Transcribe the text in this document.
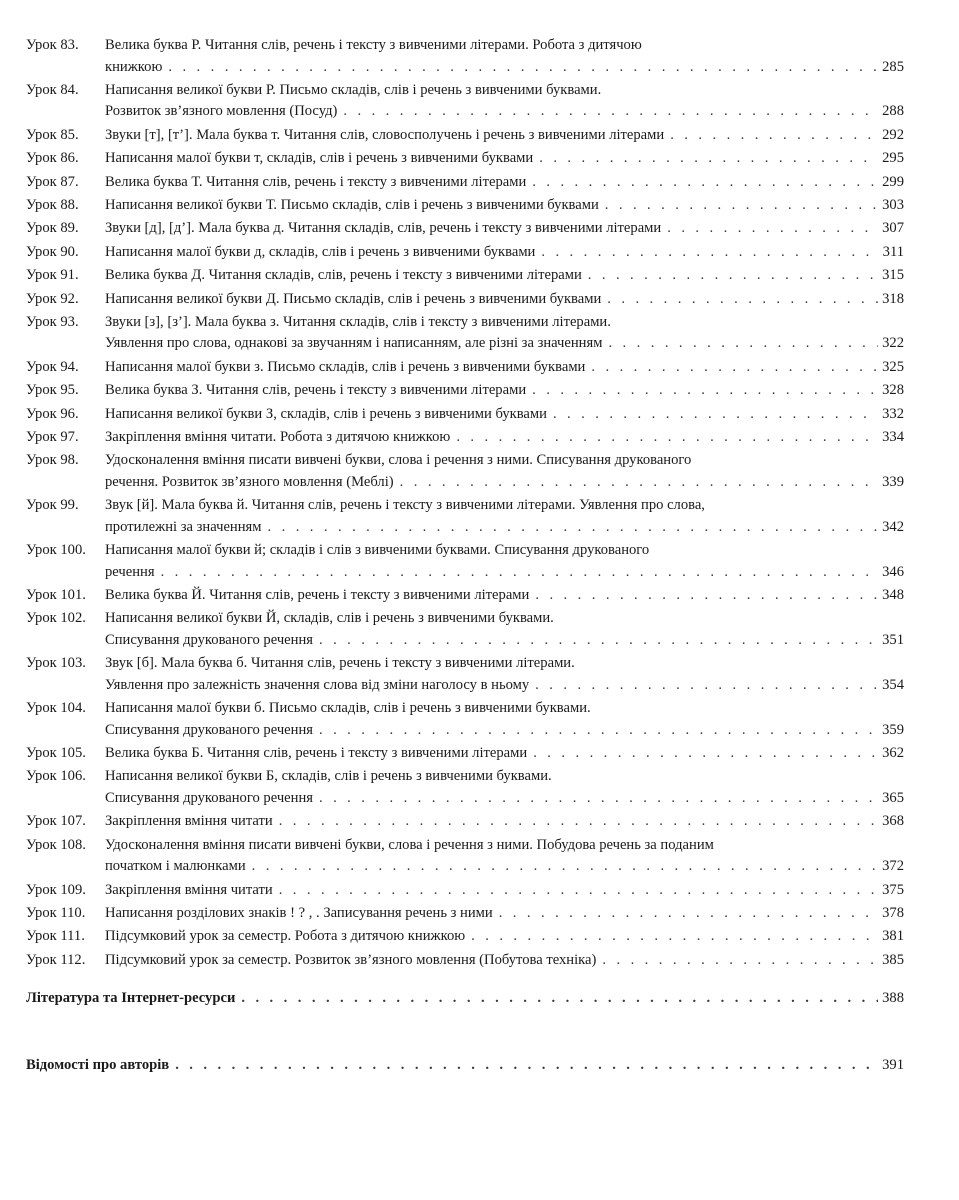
Урок 83.	Велика буква Р. Читання слів, речень і тексту з вивченими літерами. Робота з дитячою
книжкою . . .	285
Урок 84.	Написання великої букви Р. Письмо складів, слів і речень з вивченими буквами.
Розвиток зв’язного мовлення (Посуд) . . .	288
Урок 85.	Звуки [т], [т’]. Мала буква т. Читання слів, словосполучень і речень з вивченими літерами . . .	292
Урок 86.	Написання малої букви т, складів, слів і речень з вивченими буквами . . .	295
Урок 87.	Велика буква Т. Читання слів, речень і тексту з вивченими літерами . . .	299
Урок 88.	Написання великої букви Т. Письмо складів, слів і речень з вивченими буквами . . .	303
Урок 89.	Звуки [д], [д’]. Мала буква д. Читання складів, слів, речень і тексту з вивченими літерами . . .	307
Урок 90.	Написання малої букви д, складів, слів і речень з вивченими буквами . . .	311
Урок 91.	Велика буква Д. Читання складів, слів, речень і тексту з вивченими літерами . . .	315
Урок 92.	Написання великої букви Д. Письмо складів, слів і речень з вивченими буквами . . .	318
Урок 93.	Звуки [з], [з’]. Мала буква з. Читання складів, слів і тексту з вивченими літерами.
Уявлення про слова, однакові за звучанням і написанням, але різні за значенням . . .	322
Урок 94.	Написання малої букви з. Письмо складів, слів і речень з вивченими буквами . . .	325
Урок 95.	Велика буква З. Читання слів, речень і тексту з вивченими літерами . . .	328
Урок 96.	Написання великої букви З, складів, слів і речень з вивченими буквами . . .	332
Урок 97.	Закріплення вміння читати. Робота з дитячою книжкою . . .	334
Урок 98.	Удосконалення вміння писати вивчені букви, слова і речення з ними. Списування друкованого
речення. Розвиток зв’язного мовлення (Меблі) . . .	339
Урок 99.	Звук [й]. Мала буква й. Читання слів, речень і тексту з вивченими літерами. Уявлення про слова,
протилежні за значенням . . .	342
Урок 100.	Написання малої букви й; складів і слів з вивченими буквами. Списування друкованого
речення . . .	346
Урок 101.	Велика буква Й. Читання слів, речень і тексту з вивченими літерами . . .	348
Урок 102.	Написання великої букви Й, складів, слів і речень з вивченими буквами.
Списування друкованого речення . . .	351
Урок 103.	Звук [б]. Мала буква б. Читання слів, речень і тексту з вивченими літерами.
Уявлення про залежність значення слова від зміни наголосу в ньому . . .	354
Урок 104.	Написання малої букви б. Письмо складів, слів і речень з вивченими буквами.
Списування друкованого речення . . .	359
Урок 105.	Велика буква Б. Читання слів, речень і тексту з вивченими літерами . . .	362
Урок 106.	Написання великої букви Б, складів, слів і речень з вивченими буквами.
Списування друкованого речення . . .	365
Урок 107.	Закріплення вміння читати . . .	368
Урок 108.	Удосконалення вміння писати вивчені букви, слова і речення з ними. Побудова речень за поданим
початком і малюнками . . .	372
Урок 109.	Закріплення вміння читати . . .	375
Урок 110.	Написання розділових знаків ! ? , . Записування речень з ними . . .	378
Урок 111.	Підсумковий урок за семестр. Робота з дитячою книжкою . . .	381
Урок 112.	Підсумковий урок за семестр. Розвиток зв’язного мовлення (Побутова техніка) . . .	385
Література та Інтернет-ресурси . . .	388
Відомості про авторів . . .	391
